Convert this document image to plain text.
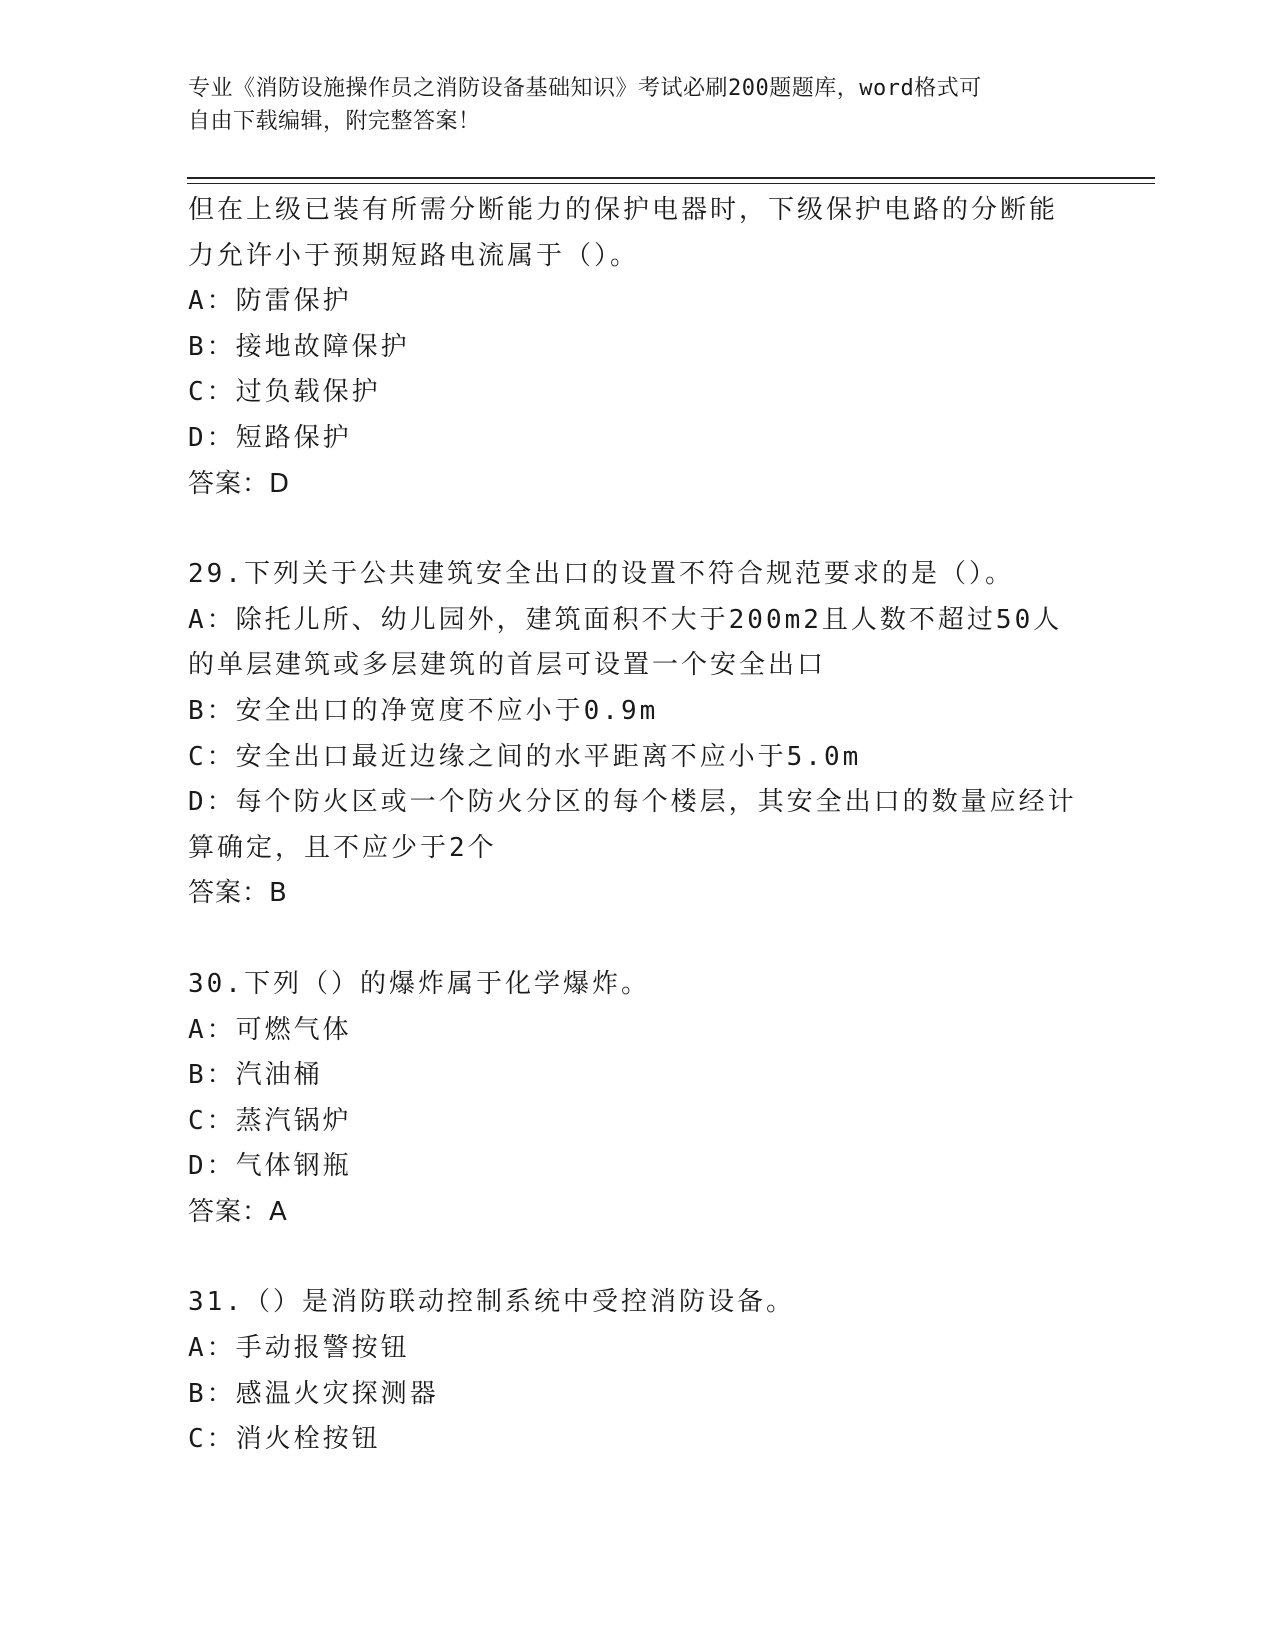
专业《消防设施操作员之消防设备基础知识》考试必刷200题题库，word格式可
自由下载编辑，附完整答案！

但在上级已装有所需分断能力的保护电器时，下级保护电路的分断能

力允许小于预期短路电流属于（）。

A：防雷保护

B：接地故障保护

C：过负载保护

D：短路保护

答案：D

29.下列关于公共建筑安全出口的设置不符合规范要求的是（）。

A：除托儿所、幼儿园外，建筑面积不大于200m2且人数不超过50人

的单层建筑或多层建筑的首层可设置一个安全出口

B：安全出口的净宽度不应小于0.9m

C：安全出口最近边缘之间的水平距离不应小于5.0m

D：每个防火区或一个防火分区的每个楼层，其安全出口的数量应经计

算确定，且不应少于2个

答案：B

30.下列（）的爆炸属于化学爆炸。

A：可燃气体

B：汽油桶

C：蒸汽锅炉

D：气体钢瓶

答案：A

31.（）是消防联动控制系统中受控消防设备。

A：手动报警按钮

B：感温火灾探测器

C：消火栓按钮
